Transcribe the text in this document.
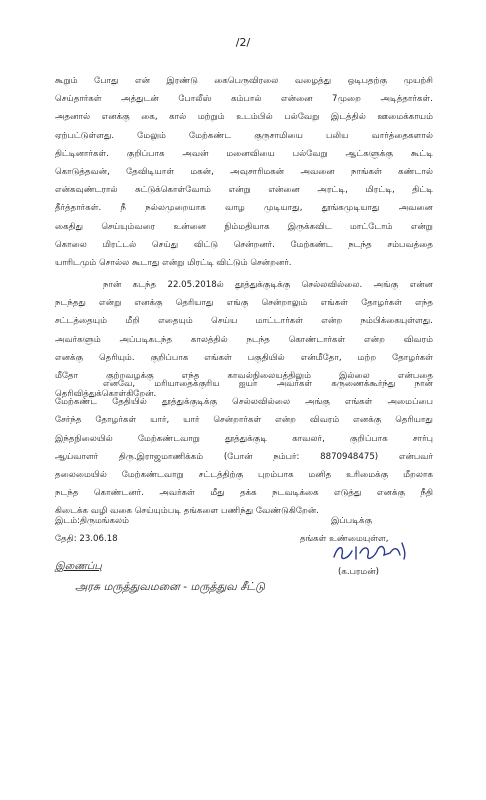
/2/
கூறும் போது என் இரண்டு கைபெருவிரலை வழைத்து ஒடிபதற்கு முயற்சி
செய்தார்கள் அத்துடன் போலீஸ் கம்பால் என்னை 7முறை அடித்தார்கள்.
அதனால் எனக்கு கை, கால் மற்றும் உடம்பில் பல்வேறு இடத்தில் ஊமைக்காயம்
ஏற்பட்டுள்ளது. மேலும் மேற்கண்ட குருசாமியை பலிய வார்த்தைகளால்
திட்டினார்கள். குறிப்பாக அவன் மனைவியை பல்வேறு ஆட்களுக்கு கூட்டி
கொடுத்தவன், தேவிடியாள் மகன், அவுசாரிமகன் அவனை நாங்கள் கண்டால்
என்கவுண்டரால் சுட்டுக்கொள்வோம் என்று என்னை அரட்டி, மிரட்டி, திட்டி
தீர்த்தார்கள். நீ நல்லமுறையாக வாழ முடியாது, தூங்கமுடியாது அவனை
கைதிது செய்யும்வரை உன்னை நிம்மதியாக இருக்கவிட மாட்டோம் என்று
கொலை மிரட்டல் செய்து விட்டு சென்றனர். மேற்கண்ட நடந்த சம்பவத்தை
யாரிடமும் சொல்ல கூடாது என்று மிரட்டி விட்டும் சென்றனர்.
நான் கடந்த 22.05.2018ல் தூத்துக்குடிக்கு செல்லவில்லை. அங்கு என்ன
நடந்தது என்று எனக்கு தெரியாது எங்கு சென்றாலும் எங்கள் தோழர்கள் எந்த
சட்டத்தையும் மீறி எதையும் செய்ய மாட்டார்கள் என்ற நம்பிக்கையுள்ளது.
அவர்களும் அப்படிகடந்த காலத்தில் நடந்த கொண்டார்கள் என்ற விவரம்
எனக்கு தெரியும். குறிப்பாக எங்கள் பகுதியில் என்மீதோ, மற்ற தோழர்கள்
மீதோ குற்றவழக்கு எந்த காவல்நிலையத்திலும் இல்லை என்பதை
தெரிவித்துக்கொள்கிறேன்.
எனவே, மரியாதைக்குரிய ஐயா அவர்கள் கருணைக்கூர்ந்து நான்
மேற்கண்ட தேதியில் தூத்துக்குடிக்கு செல்லவில்லை அங்கு எங்கள் அமைப்பை
சேர்ந்த தோழர்கள் யார், யார் சென்றார்கள் என்ற விவரம் எனக்கு தெரியாது
இந்தநிலையில் மேற்கண்டவாறு தூத்துக்குடி காவலர், குறிப்பாக சார்பு
ஆய்வாளர் திரு.இராஜமாணிக்கம் (போன் நம்பர்: 8870948475) என்பவர்
தலைமையில் மேற்கண்டவாறு சட்டத்திற்கு புறம்பாக மனித உரிமைக்கு மீறலாக
நடந்த கொண்டனர். அவர்கள் மீது தக்க நடவடிக்கை எடுத்து எனக்கு நீதி
கிடைக்க வழி வகை செய்யும்படி தங்களை பணிந்து வேண்டுகிறேன்.
இடம்:திருமங்கலம்	இப்படிக்கு
தேதி: 23.06.18	தங்கள் உண்மையுள்ள,
(க.பரமன்)
இணைப்பு
அரசு மருத்துவமனை - மருத்துவ சீட்டு
